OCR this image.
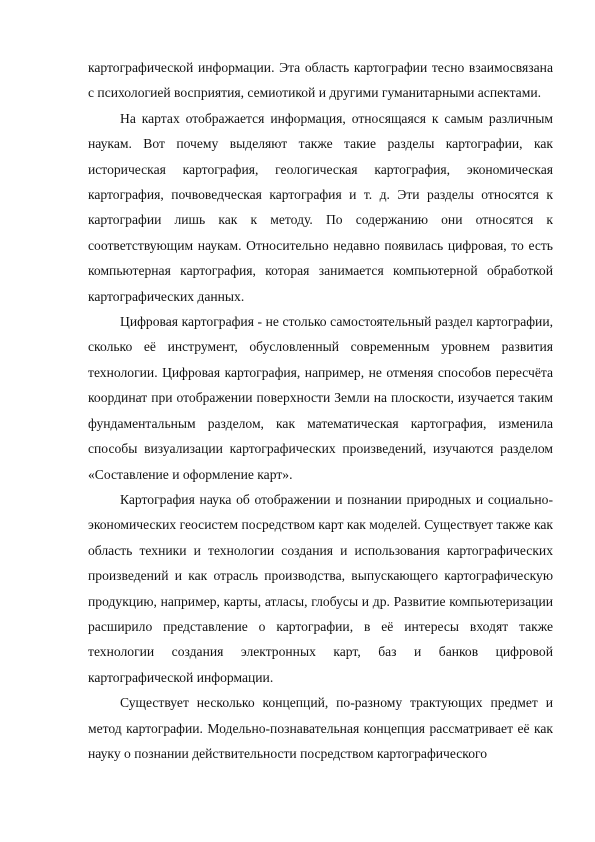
картографической информации. Эта область картографии тесно взаимосвязана с психологией восприятия, семиотикой и другими гуманитарными аспектами.

На картах отображается информация, относящаяся к самым различным наукам. Вот почему выделяют также такие разделы картографии, как историческая картография, геологическая картография, экономическая картография, почвоведческая картография и т. д. Эти разделы относятся к картографии лишь как к методу. По содержанию они относятся к соответствующим наукам. Относительно недавно появилась цифровая, то есть компьютерная картография, которая занимается компьютерной обработкой картографических данных.

Цифровая картография - не столько самостоятельный раздел картографии, сколько её инструмент, обусловленный современным уровнем развития технологии. Цифровая картография, например, не отменяя способов пересчёта координат при отображении поверхности Земли на плоскости, изучается таким фундаментальным разделом, как математическая картография, изменила способы визуализации картографических произведений, изучаются разделом «Составление и оформление карт».

Картография наука об отображении и познании природных и социально-экономических геосистем посредством карт как моделей. Существует также как область техники и технологии создания и использования картографических произведений и как отрасль производства, выпускающего картографическую продукцию, например, карты, атласы, глобусы и др. Развитие компьютеризации расширило представление о картографии, в её интересы входят также технологии создания электронных карт, баз и банков цифровой картографической информации.

Существует несколько концепций, по-разному трактующих предмет и метод картографии. Модельно-познавательная концепция рассматривает её как науку о познании действительности посредством картографического
